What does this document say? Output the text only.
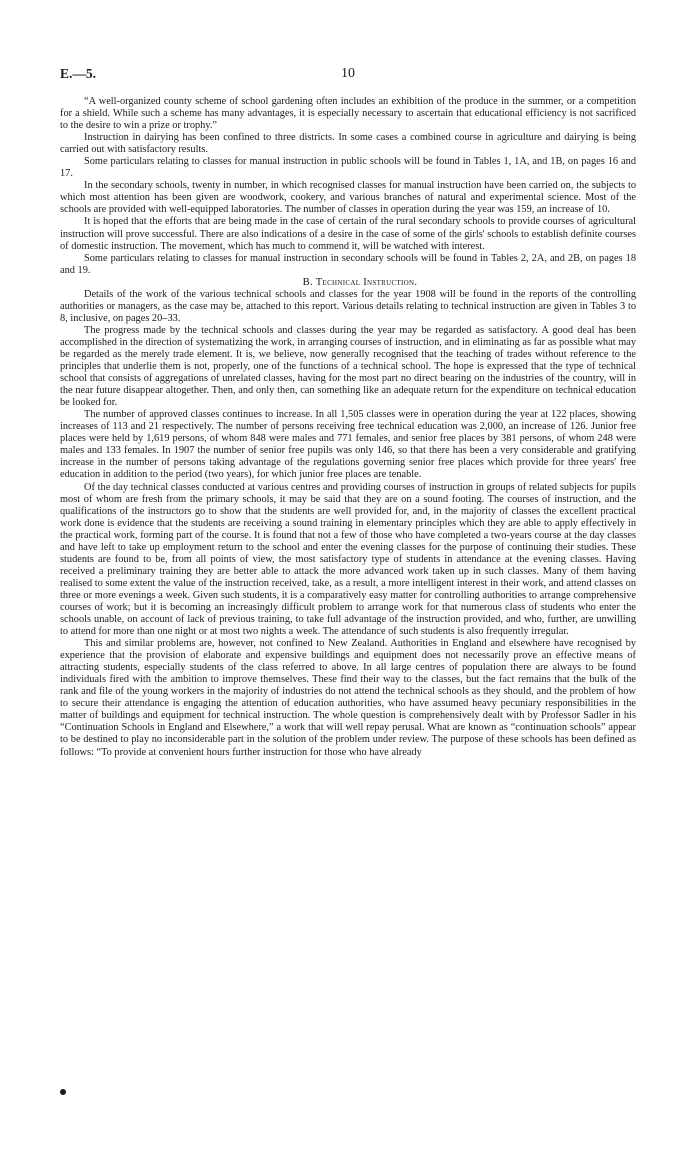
E.—5.	10

“A well-organized county scheme of school gardening often includes an exhibition of the produce in the summer, or a competition for a shield. While such a scheme has many advantages, it is especially necessary to ascertain that educational efficiency is not sacrificed to the desire to win a prize or trophy.”

Instruction in dairying has been confined to three districts. In some cases a combined course in agriculture and dairying is being carried out with satisfactory results.

Some particulars relating to classes for manual instruction in public schools will be found in Tables 1, 1A, and 1B, on pages 16 and 17.

In the secondary schools, twenty in number, in which recognised classes for manual instruction have been carried on, the subjects to which most attention has been given are woodwork, cookery, and various branches of natural and experimental science. Most of the schools are provided with well-equipped laboratories. The number of classes in operation during the year was 159, an increase of 10.

It is hoped that the efforts that are being made in the case of certain of the rural secondary schools to provide courses of agricultural instruction will prove successful. There are also indications of a desire in the case of some of the girls' schools to establish definite courses of domestic instruction. The movement, which has much to commend it, will be watched with interest.

Some particulars relating to classes for manual instruction in secondary schools will be found in Tables 2, 2A, and 2B, on pages 18 and 19.

B. Technical Instruction.

Details of the work of the various technical schools and classes for the year 1908 will be found in the reports of the controlling authorities or managers, as the case may be, attached to this report. Various details relating to technical instruction are given in Tables 3 to 8, inclusive, on pages 20–33.

The progress made by the technical schools and classes during the year may be regarded as satisfactory. A good deal has been accomplished in the direction of systematizing the work, in arranging courses of instruction, and in eliminating as far as possible what may be regarded as the merely trade element. It is, we believe, now generally recognised that the teaching of trades without reference to the principles that underlie them is not, properly, one of the functions of a technical school. The hope is expressed that the type of technical school that consists of aggregations of unrelated classes, having for the most part no direct bearing on the industries of the country, will in the near future disappear altogether. Then, and only then, can something like an adequate return for the expenditure on technical education be looked for.

The number of approved classes continues to increase. In all 1,505 classes were in operation during the year at 122 places, showing increases of 113 and 21 respectively. The number of persons receiving free technical education was 2,000, an increase of 126. Junior free places were held by 1,619 persons, of whom 848 were males and 771 females, and senior free places by 381 persons, of whom 248 were males and 133 females. In 1907 the number of senior free pupils was only 146, so that there has been a very considerable and gratifying increase in the number of persons taking advantage of the regulations governing senior free places which provide for three years' free education in addition to the period (two years), for which junior free places are tenable.

Of the day technical classes conducted at various centres and providing courses of instruction in groups of related subjects for pupils most of whom are fresh from the primary schools, it may be said that they are on a sound footing. The courses of instruction, and the qualifications of the instructors go to show that the students are well provided for, and, in the majority of classes the excellent practical work done is evidence that the students are receiving a sound training in elementary principles which they are able to apply effectively in the practical work, forming part of the course. It is found that not a few of those who have completed a two-years course at the day classes and have left to take up employment return to the school and enter the evening classes for the purpose of continuing their studies. These students are found to be, from all points of view, the most satisfactory type of students in attendance at the evening classes. Having received a preliminary training they are better able to attack the more advanced work taken up in such classes. Many of them having realised to some extent the value of the instruction received, take, as a result, a more intelligent interest in their work, and attend classes on three or more evenings a week. Given such students, it is a comparatively easy matter for controlling authorities to arrange comprehensive courses of work; but it is becoming an increasingly difficult problem to arrange work for that numerous class of students who enter the schools unable, on account of lack of previous training, to take full advantage of the instruction provided, and who, further, are unwilling to attend for more than one night or at most two nights a week. The attendance of such students is also frequently irregular.

This and similar problems are, however, not confined to New Zealand. Authorities in England and elsewhere have recognised by experience that the provision of elaborate and expensive buildings and equipment does not necessarily prove an effective means of attracting students, especially students of the class referred to above. In all large centres of population there are always to be found individuals fired with the ambition to improve themselves. These find their way to the classes, but the fact remains that the bulk of the rank and file of the young workers in the majority of industries do not attend the technical schools as they should, and the problem of how to secure their attendance is engaging the attention of education authorities, who have assumed heavy pecuniary responsibilities in the matter of buildings and equipment for technical instruction. The whole question is comprehensively dealt with by Professor Sadler in his “Continuation Schools in England and Elsewhere,” a work that will well repay perusal. What are known as “continuation schools” appear to be destined to play no inconsiderable part in the solution of the problem under review. The purpose of these schools has been defined as follows: “To provide at convenient hours further instruction for those who have already
